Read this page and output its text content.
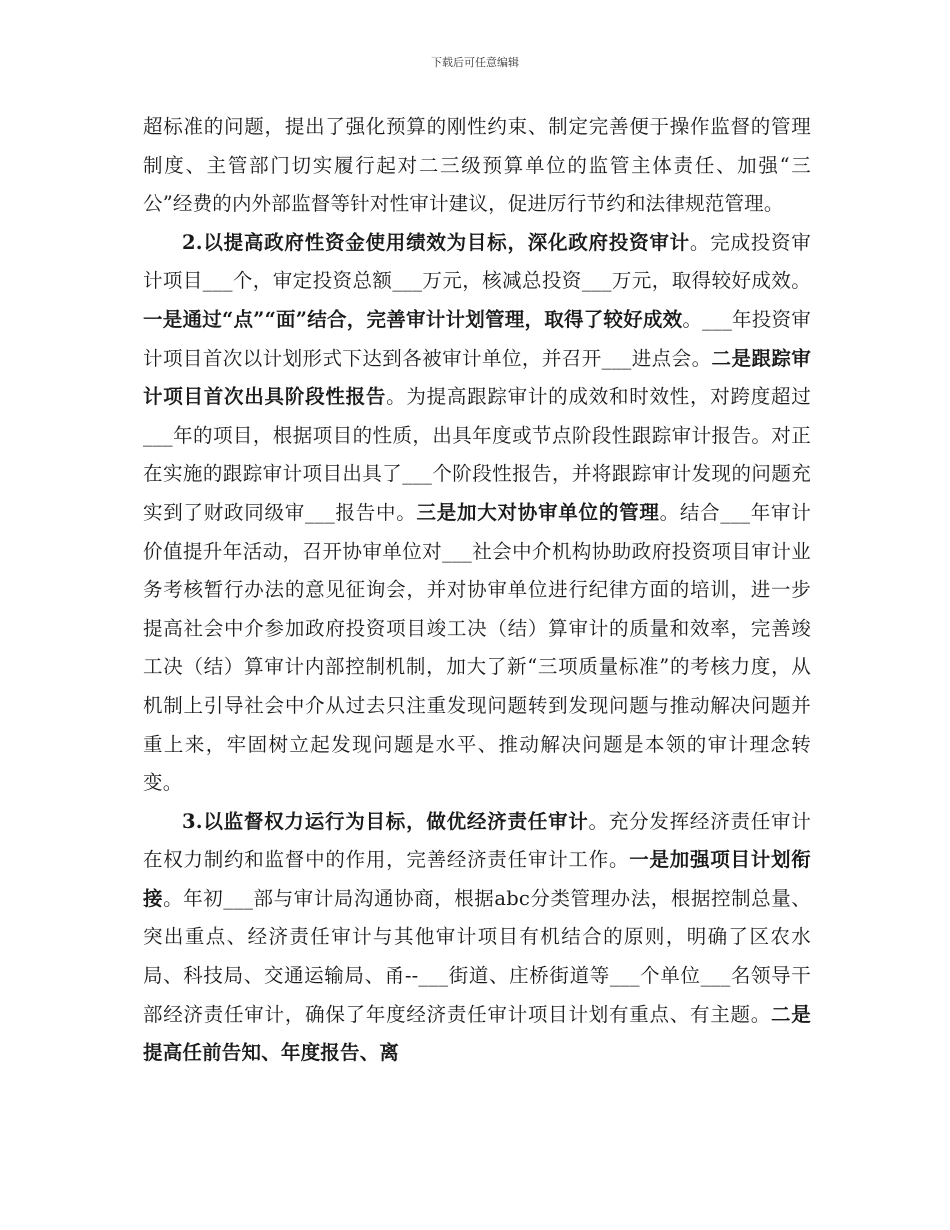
下载后可任意编辑

超标准的问题，提出了强化预算的刚性约束、制定完善便于操作监督的管理制度、主管部门切实履行起对二三级预算单位的监管主体责任、加强“三公”经费的内外部监督等针对性审计建议，促进厉行节约和法律规范管理。

2.以提高政府性资金使用绩效为目标，深化政府投资审计。完成投资审计项目___个，审定投资总额___万元，核减总投资___万元，取得较好成效。一是通过“点”“面”结合，完善审计计划管理，取得了较好成效。___年投资审计项目首次以计划形式下达到各被审计单位，并召开___进点会。二是跟踪审计项目首次出具阶段性报告。为提高跟踪审计的成效和时效性，对跨度超过___年的项目，根据项目的性质，出具年度或节点阶段性跟踪审计报告。对正在实施的跟踪审计项目出具了___个阶段性报告，并将跟踪审计发现的问题充实到了财政同级审___报告中。三是加大对协审单位的管理。结合___年审计价值提升年活动，召开协审单位对___社会中介机构协助政府投资项目审计业务考核暂行办法的意见征询会，并对协审单位进行纪律方面的培训，进一步提高社会中介参加政府投资项目竣工决（结）算审计的质量和效率，完善竣工决（结）算审计内部控制机制，加大了新“三项质量标准”的考核力度，从机制上引导社会中介从过去只注重发现问题转到发现问题与推动解决问题并重上来，牢固树立起发现问题是水平、推动解决问题是本领的审计理念转变。

3.以监督权力运行为目标，做优经济责任审计。充分发挥经济责任审计在权力制约和监督中的作用，完善经济责任审计工作。一是加强项目计划衔接。年初___部与审计局沟通协商，根据abc分类管理办法，根据控制总量、突出重点、经济责任审计与其他审计项目有机结合的原则，明确了区农水局、科技局、交通运输局、甬--___街道、庄桥街道等___个单位___名领导干部经济责任审计，确保了年度经济责任审计项目计划有重点、有主题。二是提高任前告知、年度报告、离
